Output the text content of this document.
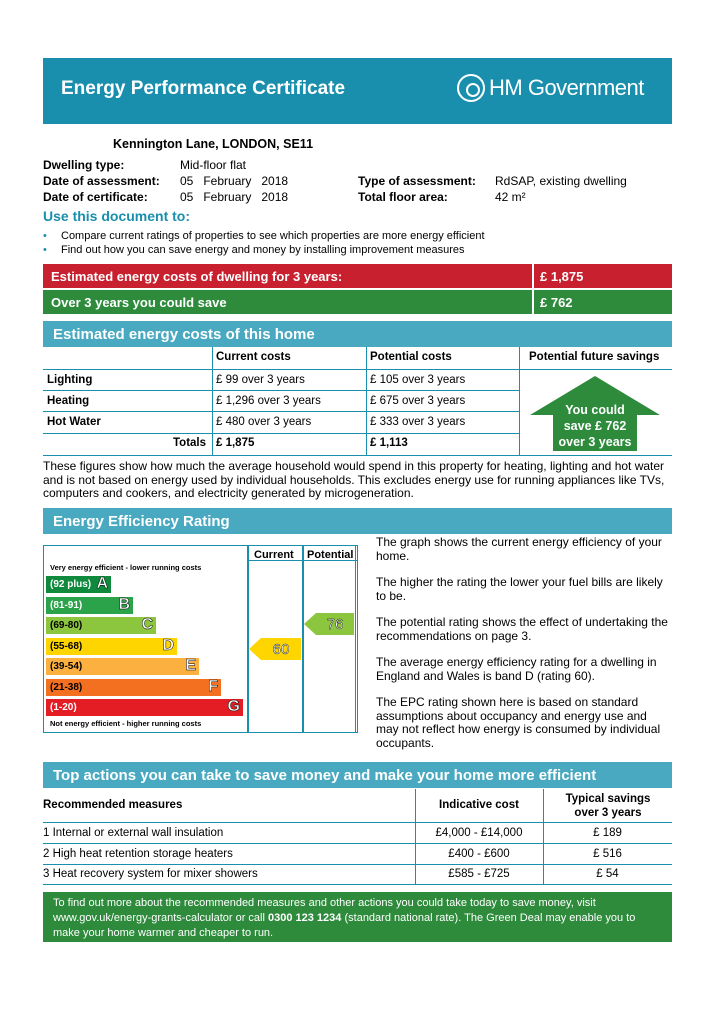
Energy Performance Certificate	HM Government
Kennington Lane, LONDON, SE11
Dwelling type:	Mid-floor flat
Date of assessment: 05   February   2018
Date of certificate:	05   February   2018
Type of assessment: RdSAP, existing dwelling
Total floor area:	42 m²
Use this document to:
•	Compare current ratings of properties to see which properties are more energy efficient
•	Find out how you can save energy and money by installing improvement measures
Estimated energy costs of dwelling for 3 years:	£ 1,875
Over 3 years you could save	£ 762
Estimated energy costs of this home
Current costs	Potential costs	Potential future savings
Lighting	£ 99 over 3 years	£ 105 over 3 years
Heating	£ 1,296 over 3 years	£ 675 over 3 years
Hot Water	£ 480 over 3 years	£ 333 over 3 years
Totals £ 1,875	£ 1,113
You could
save £ 762
over 3 years
These figures show how much the average household would spend in this property for heating, lighting and hot water and is not based on energy used by individual households. This excludes energy use for running appliances like TVs, computers and cookers, and electricity generated by microgeneration.
Energy Efficiency Rating
Current Potential
Very energy efficient - lower running costs
Not energy efficient - higher running costs
(92 plus) A
(81-91) B
(69-80)	C
(55-68)	D
(39-54)	E
(21-38)	F
(1-20)	G
60
76

The graph shows the current energy efficiency of your home.

The higher the rating the lower your fuel bills are likely to be.

The potential rating shows the effect of undertaking the recommendations on page 3.

The average energy efficiency rating for a dwelling in England and Wales is band D (rating 60).

The EPC rating shown here is based on standard assumptions about occupancy and energy use and may not reflect how energy is consumed by individual occupants.

Top actions you can take to save money and make your home more efficient
Recommended measures	Indicative cost	Typical savings over 3 years
1 Internal or external wall insulation	£4,000 - £14,000	£ 189
2 High heat retention storage heaters	£400 - £600	£ 516
3 Heat recovery system for mixer showers	£585 - £725	£ 54
To find out more about the recommended measures and other actions you could take today to save money, visit www.gov.uk/energy-grants-calculator or call 0300 123 1234 (standard national rate). The Green Deal may enable you to make your home warmer and cheaper to run.
